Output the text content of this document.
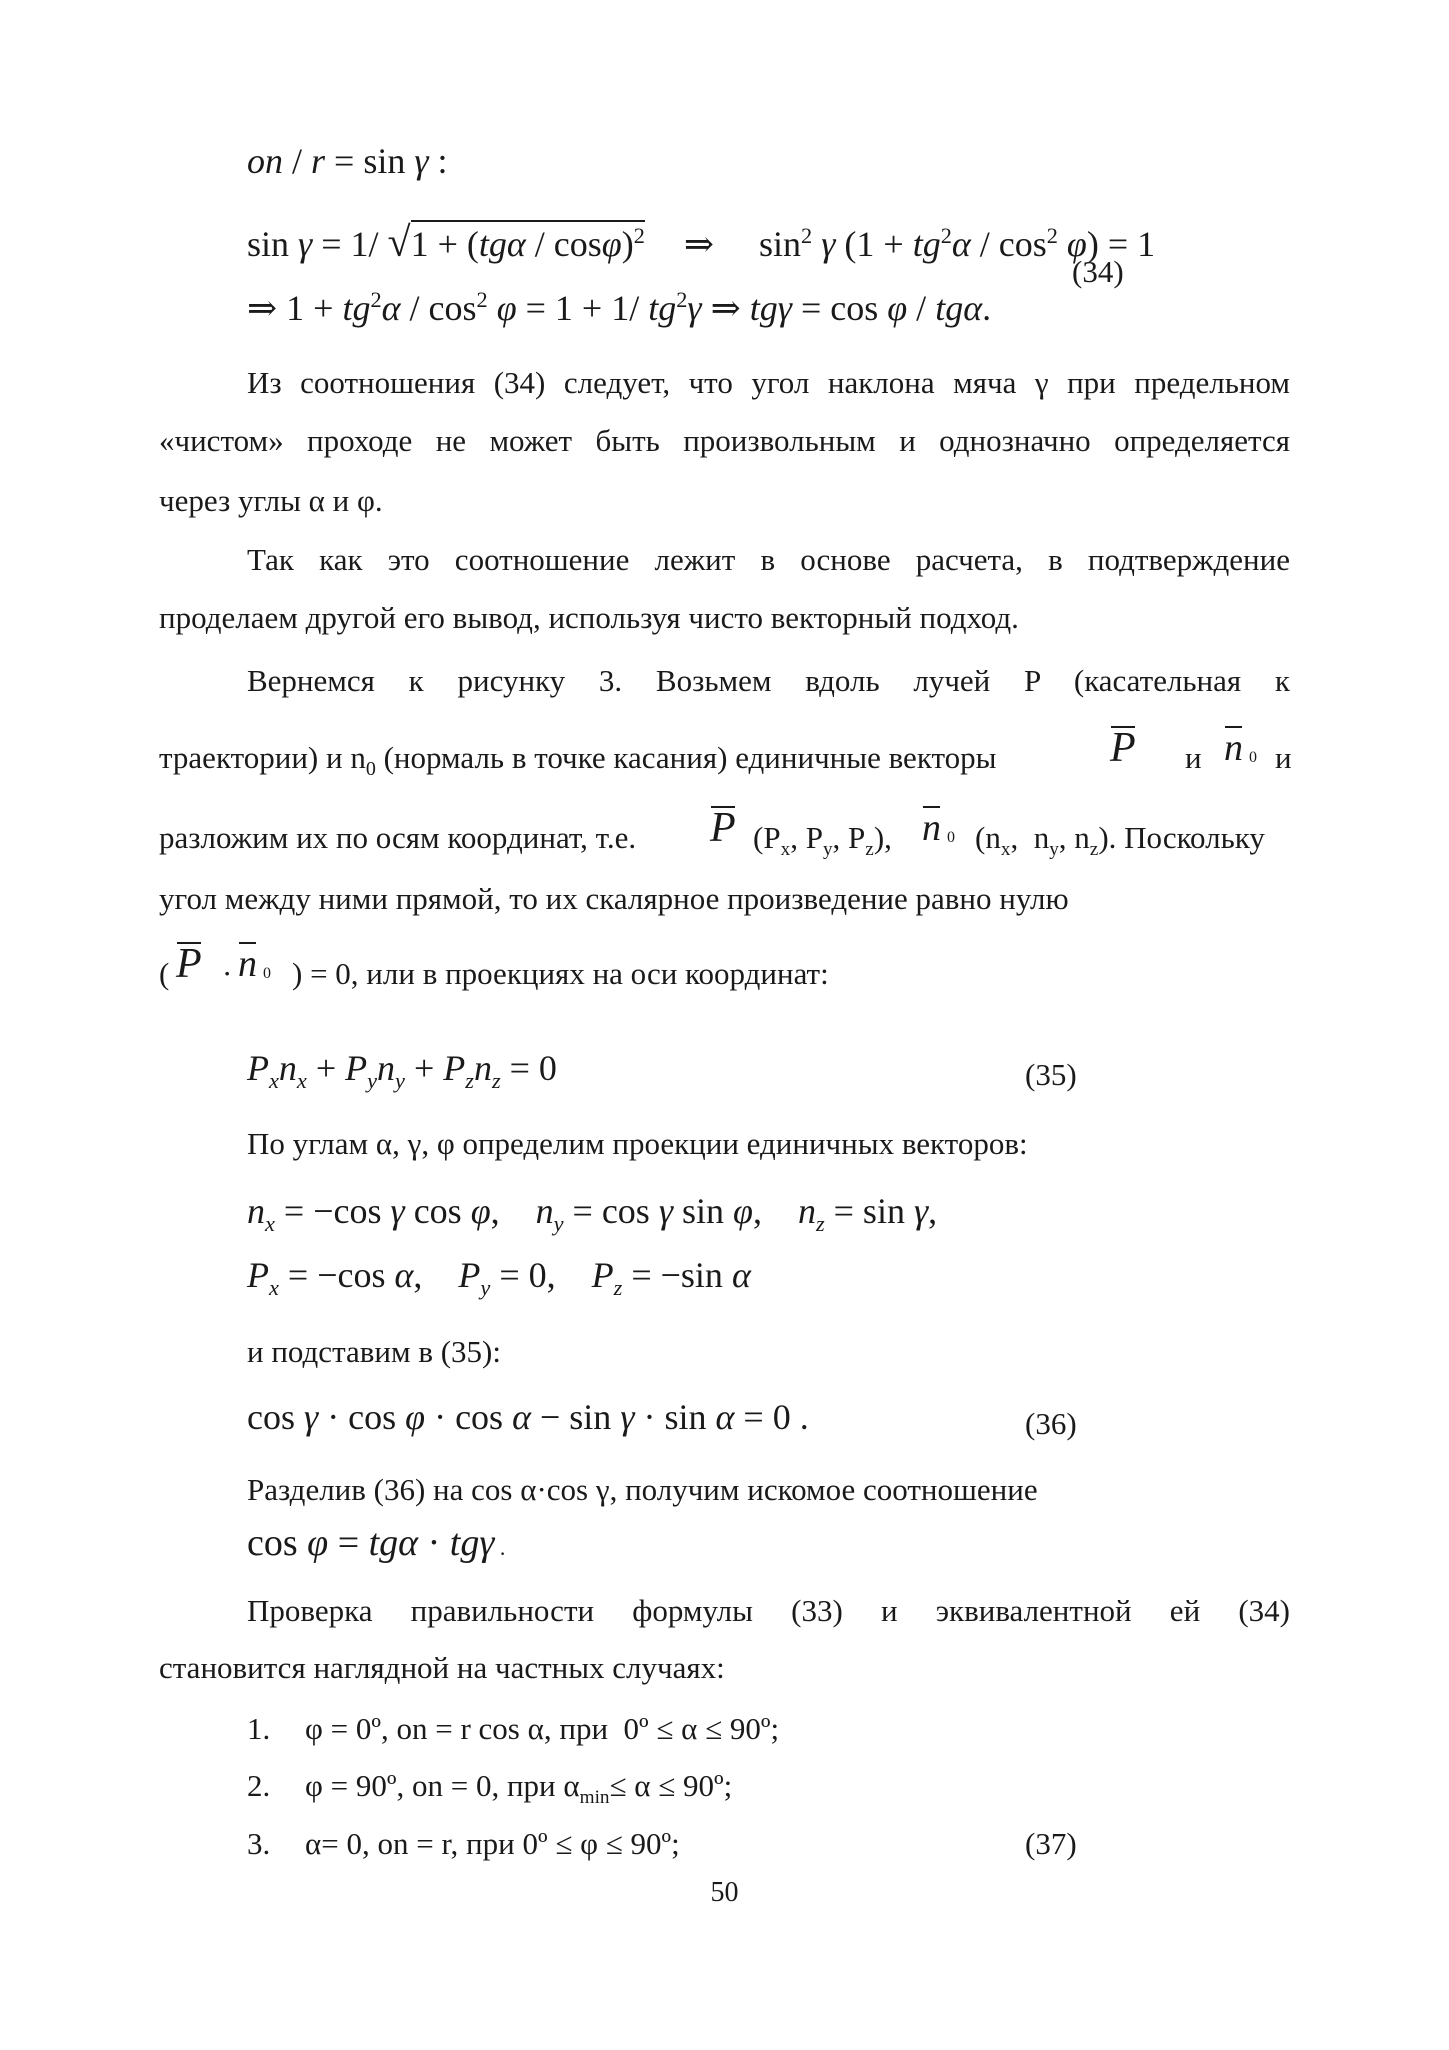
on / r = sin γ :
sin γ = 1/ √1 + (tgα / cosφ)$^2$ ⇒ $\sin^2 \gamma$ $(1 + tg^2\alpha / \cos^2 \varphi) = 1$
⇒ $1 + tg^2\alpha / \cos^2 \varphi = 1 + 1/$ $tg^2\gamma$ ⇒ tgγ = cos φ / tgα.
(34)
Из соотношения (34) следует, что угол наклона мяча γ при предельном
«чистом» проходе не может быть произвольным и однозначно определяется
через углы α и φ.
Так как это соотношение лежит в основе расчета, в подтверждение
проделаем другой его вывод, используя чисто векторный подход.
Вернемся к рисунку 3. Возьмем вдоль лучей P (касательная к
траектории) и $n_0$ (нормаль в точке касания) единичные векторы	P и n 0 и
разложим их по осям координат, т.е. P ($P_x$, $P_y$, $P_z$), n 0 ($n_x$,  $n_y$, $n_z$). Поскольку
угол между ними прямой, то их скалярное произведение равно нулю
( P · n 0 ) = 0, или в проекциях на оси координат:
$P_xn_x + P_yn_y + P_zn_z = 0$	(35)
По углам α, γ, φ определим проекции единичных векторов:
$n_x = -\cos$ γ cos φ,    $n_y = \cos \gamma$ sin φ,    $n_z = \sin \gamma$,
$P_x = -\cos$ α,    $P_y = 0$,    $P_z = -\sin$ α
и подставим в (35):
cos γ · cos φ · cos α − sin γ · sin α = 0 .	(36)
Разделив (36) на cos α·cos γ, получим искомое соотношение
cos φ = tgα · tgγ .
Проверка правильности формулы (33) и эквивалентной ей (34)
становится наглядной на частных случаях:
1. φ = 0º, on = r cos α, при  0º ≤ α ≤ 90º;
2. φ = 90º, on = 0, при $\alpha_{min}\le \alpha$ ≤ 90º;
3. α= 0, on = r, при 0º ≤ φ ≤ 90º;	(37)
50
